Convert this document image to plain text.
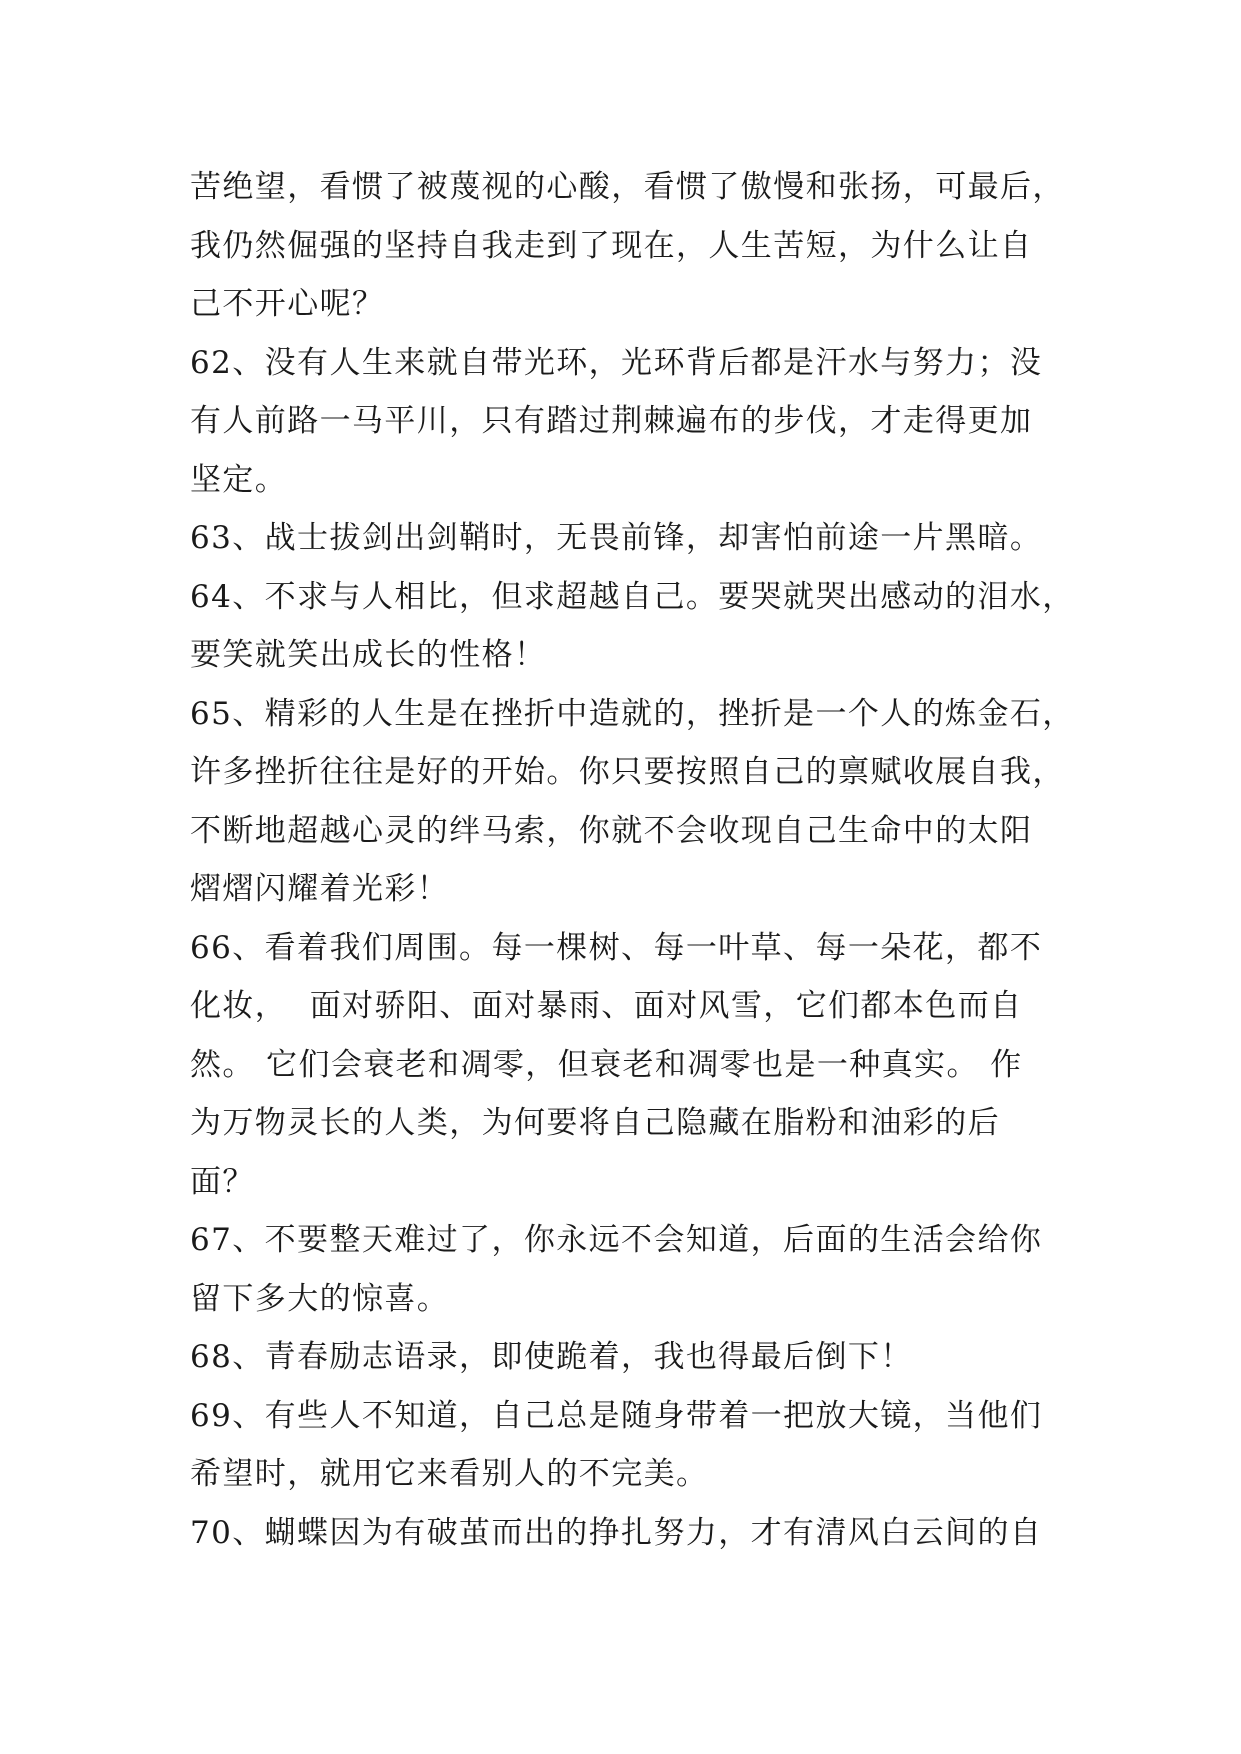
苦绝望，看惯了被蔑视的心酸，看惯了傲慢和张扬，可最后，
我仍然倔强的坚持自我走到了现在，人生苦短，为什么让自
己不开心呢？
62、没有人生来就自带光环，光环背后都是汗水与努力；没
有人前路一马平川，只有踏过荆棘遍布的步伐，才走得更加
坚定。
63、战士拔剑出剑鞘时，无畏前锋，却害怕前途一片黑暗。
64、不求与人相比，但求超越自己。要哭就哭出感动的泪水，
要笑就笑出成长的性格！
65、精彩的人生是在挫折中造就的，挫折是一个人的炼金石，
许多挫折往往是好的开始。你只要按照自己的禀赋收展自我，
不断地超越心灵的绊马索，你就不会收现自己生命中的太阳
熠熠闪耀着光彩！
66、看着我们周围。每一棵树、每一叶草、每一朵花，都不
化妆，  面对骄阳、面对暴雨、面对风雪，它们都本色而自
然。 它们会衰老和凋零，但衰老和凋零也是一种真实。 作
为万物灵长的人类，为何要将自己隐藏在脂粉和油彩的后
面？
67、不要整天难过了，你永远不会知道，后面的生活会给你
留下多大的惊喜。
68、青春励志语录，即使跪着，我也得最后倒下！
69、有些人不知道，自己总是随身带着一把放大镜，当他们
希望时，就用它来看别人的不完美。
70、蝴蝶因为有破茧而出的挣扎努力，才有清风白云间的自
